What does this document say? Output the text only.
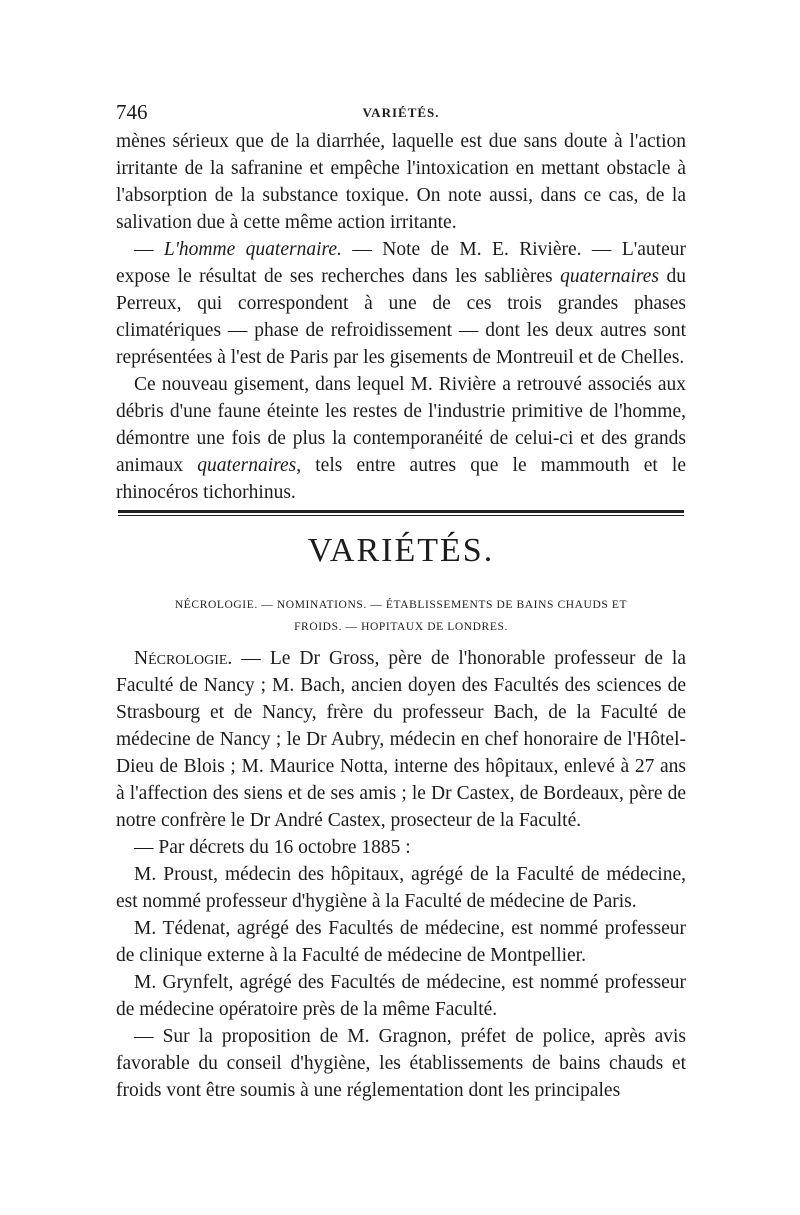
746	VARIÉTÉS.

mènes sérieux que de la diarrhée, laquelle est due sans doute à l'action irritante de la safranine et empêche l'intoxication en mettant obstacle à l'absorption de la substance toxique. On note aussi, dans ce cas, de la salivation due à cette même action irritante.

— L'homme quaternaire. — Note de M. E. Rivière. — L'auteur expose le résultat de ses recherches dans les sablières quaternaires du Perreux, qui correspondent à une de ces trois grandes phases climatériques — phase de refroidissement — dont les deux autres sont représentées à l'est de Paris par les gisements de Montreuil et de Chelles.

Ce nouveau gisement, dans lequel M. Rivière a retrouvé associés aux débris d'une faune éteinte les restes de l'industrie primitive de l'homme, démontre une fois de plus la contemporanéité de celui-ci et des grands animaux quaternaires, tels entre autres que le mammouth et le rhinocéros tichorhinus.

VARIÉTÉS.
NÉCROLOGIE. — NOMINATIONS. — ÉTABLISSEMENTS DE BAINS CHAUDS ET
FROIDS. — HOPITAUX DE LONDRES.

Nécrologie. — Le Dr Gross, père de l'honorable professeur de la Faculté de Nancy ; M. Bach, ancien doyen des Facultés des sciences de Strasbourg et de Nancy, frère du professeur Bach, de la Faculté de médecine de Nancy ; le Dr Aubry, médecin en chef honoraire de l'Hôtel-Dieu de Blois ; M. Maurice Notta, interne des hôpitaux, enlevé à 27 ans à l'affection des siens et de ses amis ; le Dr Castex, de Bordeaux, père de notre confrère le Dr André Castex, prosecteur de la Faculté.

— Par décrets du 16 octobre 1885 :

M. Proust, médecin des hôpitaux, agrégé de la Faculté de médecine, est nommé professeur d'hygiène à la Faculté de médecine de Paris.

M. Tédenat, agrégé des Facultés de médecine, est nommé professeur de clinique externe à la Faculté de médecine de Montpellier.

M. Grynfelt, agrégé des Facultés de médecine, est nommé professeur de médecine opératoire près de la même Faculté.

— Sur la proposition de M. Gragnon, préfet de police, après avis favorable du conseil d'hygiène, les établissements de bains chauds et froids vont être soumis à une réglementation dont les principales
